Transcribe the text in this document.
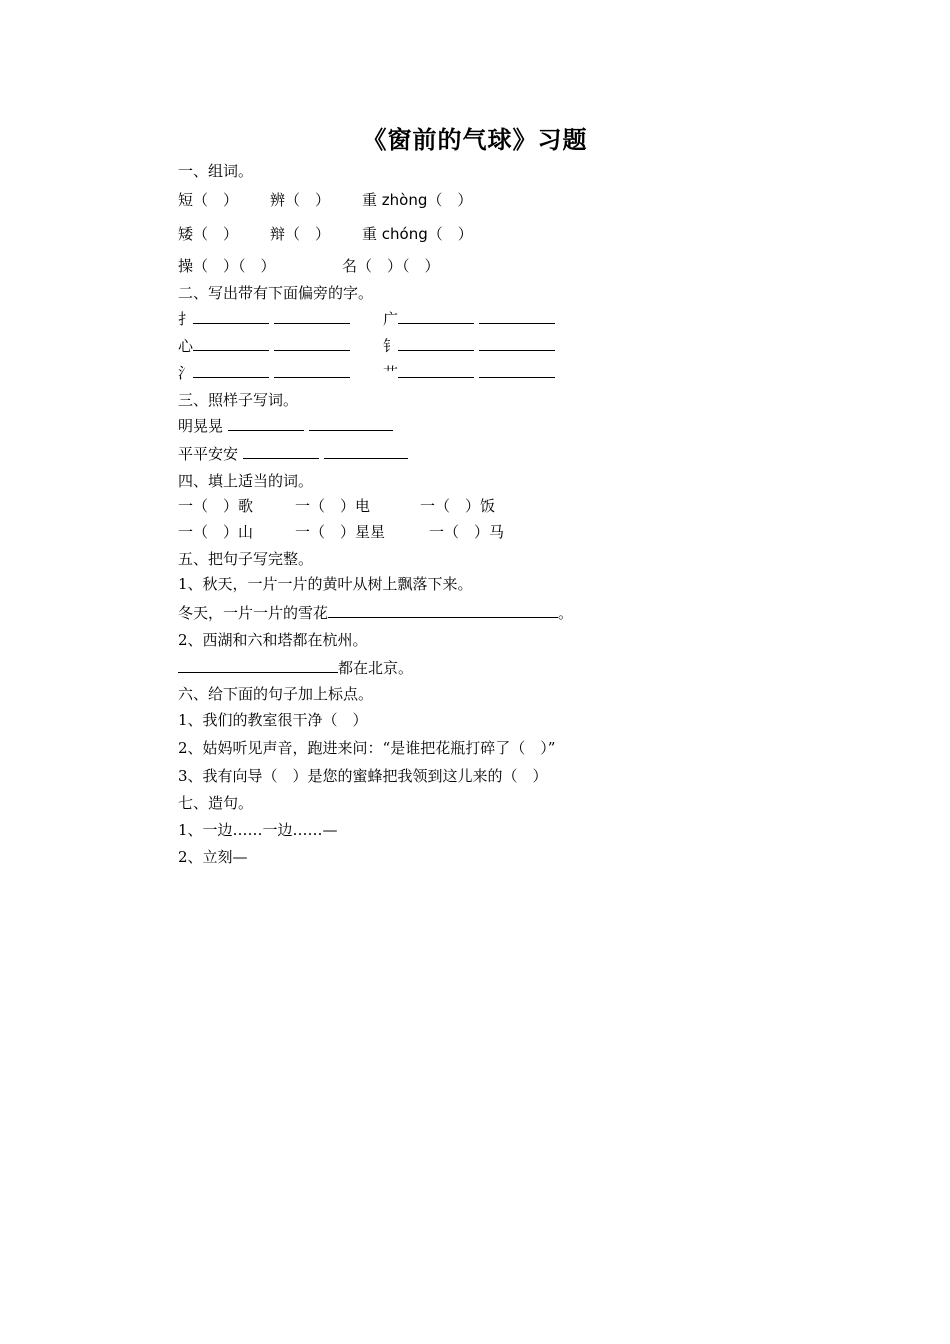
《窗前的气球》习题
一、组词。
短（　） 辨（　） 重 zhòng（　）
矮（　） 辩（　） 重 chóng（　）
操（　）（　）	名（　）（　）
二、写出带有下面偏旁的字。
扌	广
心	钅
氵	艹
三、照样子写词。
明晃晃
平平安安
四、填上适当的词。
一（　）歌	一（　）电	一（　）饭
一（　）山	一（　）星星	一（　）马
五、把句子写完整。
1、秋天，一片一片的黄叶从树上飘落下来。
冬天，一片一片的雪花	。
2、西湖和六和塔都在杭州。
都在北京。
六、给下面的句子加上标点。
1、我们的教室很干净（　）
2、姑妈听见声音，跑进来问：“是谁把花瓶打碎了（　）”
3、我有向导（　）是您的蜜蜂把我领到这儿来的（　）
七、造句。
1、一边……一边……—
2、立刻—
